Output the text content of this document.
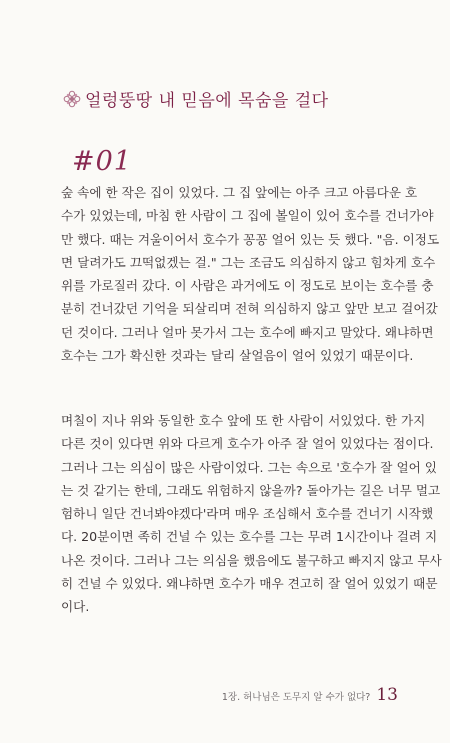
얼렁뚱땅 내 믿음에 목숨을 걸다
#01
숲 속에 한 작은 집이 있었다. 그 집 앞에는 아주 크고 아름다운 호
수가 있었는데, 마침 한 사람이 그 집에 볼일이 있어 호수를 건너가야
만 했다. 때는 겨울이어서 호수가 꽁꽁 얼어 있는 듯 했다. "음. 이정도
면 달려가도 끄떡없겠는 걸." 그는 조금도 의심하지 않고 힘차게 호수
위를 가로질러 갔다. 이 사람은 과거에도 이 정도로 보이는 호수를 충
분히 건너갔던 기억을 되살리며 전혀 의심하지 않고 앞만 보고 걸어갔
던 것이다. 그러나 얼마 못가서 그는 호수에 빠지고 말았다. 왜냐하면
호수는 그가 확신한 것과는 달리 살얼음이 얼어 있었기 때문이다.
며칠이 지나 위와 동일한 호수 앞에 또 한 사람이 서있었다. 한 가지
다른 것이 있다면 위와 다르게 호수가 아주 잘 얼어 있었다는 점이다.
그러나 그는 의심이 많은 사람이었다. 그는 속으로 '호수가 잘 얼어 있
는 것 같기는 한데, 그래도 위험하지 않을까? 돌아가는 길은 너무 멀고
험하니 일단 건너봐야겠다'라며 매우 조심해서 호수를 건너기 시작했
다. 20분이면 족히 건널 수 있는 호수를 그는 무려 1시간이나 걸려 지
나온 것이다. 그러나 그는 의심을 했음에도 불구하고 빠지지 않고 무사
히 건널 수 있었다. 왜냐하면 호수가 매우 견고히 잘 얼어 있었기 때문
이다.
1장. 허나님은 도무지 알 수가 없다? 13
